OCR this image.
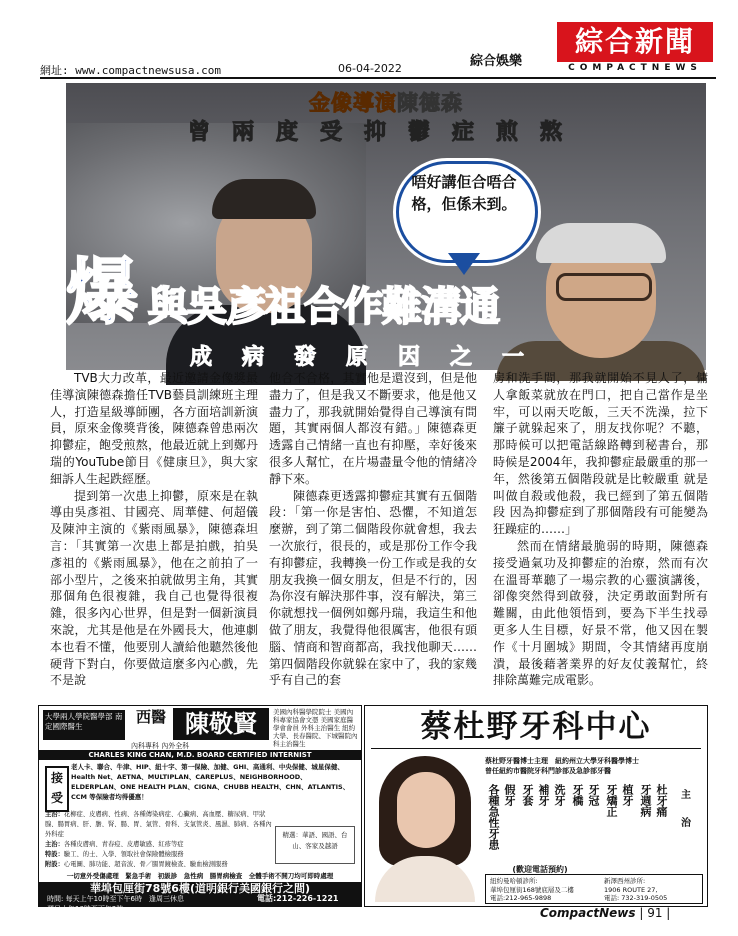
網址: www.compactnewsusa.com	06-04-2022	綜合娛樂
綜合新聞
COMPACTNEWS
金像導演陳德森
曾兩度受抑鬱症煎熬
唔好講佢合唔合格，佢係未到。
爆 與吳彥祖合作難溝通
成病發原因之一

TVB大力改革，最近邀請金像獎最佳導演陳德森擔任TVB藝員訓練班主理人，打造星級導師團，各方面培訓新演員，原來金像獎背後，陳德森曾患兩次抑鬱症，飽受煎熬，他最近就上到鄭丹瑞的YouTube節目《健康旦》，與大家細訴人生起跌經歷。

提到第一次患上抑鬱，原來是在執導由吳彥祖、甘國亮、周華健、何超儀及陳沖主演的《紫雨風暴》，陳德森坦言：「其實第一次患上都是拍戲，拍吳彥祖的《紫雨風暴》，他在之前拍了一部小型片，之後來拍就做男主角，其實那個角色很複雜，我自己也覺得很複雜，很多內心世界，但是對一個新演員來說，尤其是他是在外國長大，他連劇本也看不懂，他要別人讀給他聽然後他硬背下對白，你要做這麼多內心戲，先不是說

他合不合格，其實他是還沒到，但是他盡力了，但是我又不斷要求，他是他又盡力了，那我就開始覺得自己導演有問題，其實兩個人都沒有錯。」陳德森更透露自己情緒一直也有抑壓，幸好後來很多人幫忙，在片場盡量令他的情緒冷靜下來。

陳德森更透露抑鬱症其實有五個階段：「第一你是害怕、恐懼，不知道怎麼辦，到了第二個階段你就會想，我去一次旅行，很長的，或是那份工作令我有抑鬱症，我轉換一份工作或是我的女朋友我換一個女朋友，但是不行的，因為你沒有解決那件事，沒有解決，第三你就想找一個例如鄭丹瑞，我這生和他做了朋友，我覺得他很厲害，他很有頭腦、情商和智商都高，我找他聊天……第四個階段你就躲在家中了，我的家幾乎有自己的套

房和洗手間，那我就開始不見人了，傭人拿飯菜就放在門口，把自己當作是坐牢，可以兩天吃飯，三天不洗澡，拉下簾子就躲起來了，朋友找你呢？不聽，那時候可以把電話線路轉到秘書台，那時候是2004年，我抑鬱症最嚴重的那一年，然後第五個階段就是比較嚴重 就是叫做自殺或他殺，我已經到了第五個階段 因為抑鬱症到了那個階段有可能變為狂躁症的……」

然而在情緒最脆弱的時期，陳德森接受過氣功及抑鬱症的治療，然而有次在溫哥華聽了一場宗教的心靈演講後，卻像突然得到啟發，決定勇敢面對所有難關，由此他領悟到，要為下半生找尋更多人生目標，好景不常，他又因在製作《十月圍城》期間，令其情緒再度崩潰，最後藉著業界的好友仗義幫忙，終排除萬難完成電影。

大學兩人學院醫學部 南定國際醫生
西醫 陳敬賢	美國內科醫學院院士 美國內科專家協會文憑 美國家庭醫學會會員 外科主治醫生 紐約大學、長春醫院、下城醫院內科主治醫生
內科專科 內外全科
CHARLES KING CHAN, M.D. BOARD CERTIFIED INTERNIST
接受
老人卡、聯合、牛津、HIP、紐十字、第一保險、加健、GHI、高通利、中央保健、城星保健、Health Net、AETNA、MULTIPLAN、CAREPLUS、NEIGHBORHOOD、ELDERPLAN、ONE HEALTH PLAN、CIGNA、CHUBB HEALTH、CHN、ATLANTIS、CCM 等保險者均得優惠！
主治：花柳症、皮膚病、性病、各種傳染病症、心臟病、高血壓、糖尿病、甲狀腺、腸胃病、肝、膽、腎、腸、胃、氣管、骨科、支氣管炎、風濕、肺病、各種內外科症
主治：各種皮膚病、青春痘、皮膚敏感、紅疹等症
特設：驗工、的士、入學、領取社會保險體檢服務
附設：心電圖、肺功能、超音波、骨／腸胃鏡檢查、驗血檢測服務
精選：華語、國語、台山、客家及越語
一切意外受傷處理　緊急手術　初級診　急性病　腸胃病檢查　全體手術不開刀均可即時處理
華埠包厘街78號6樓(道明銀行美國銀行之間)
時間: 每天上午10時至下午6時　逢周三休息
週日上午10時至下午2時
電話:212-226-1221
蔡杜野牙科中心
蔡杜野牙醫博士主理　紐約州立大學牙科醫學博士
曾任紐約市醫院牙科門診部及急診部牙醫
杜牙痛
牙週病
植牙
牙矯正
牙冠
牙橋
洗牙
補牙
牙套
假牙
各種急性牙患	主
治
(歡迎電話預約)
紐約曼哈頓診所:
華埠包厘街168號底層及二樓
電話:212-965-9898
新澤西州診所:
1906 ROUTE 27,
電話: 732-319-0505
CompactNews | 91 |
